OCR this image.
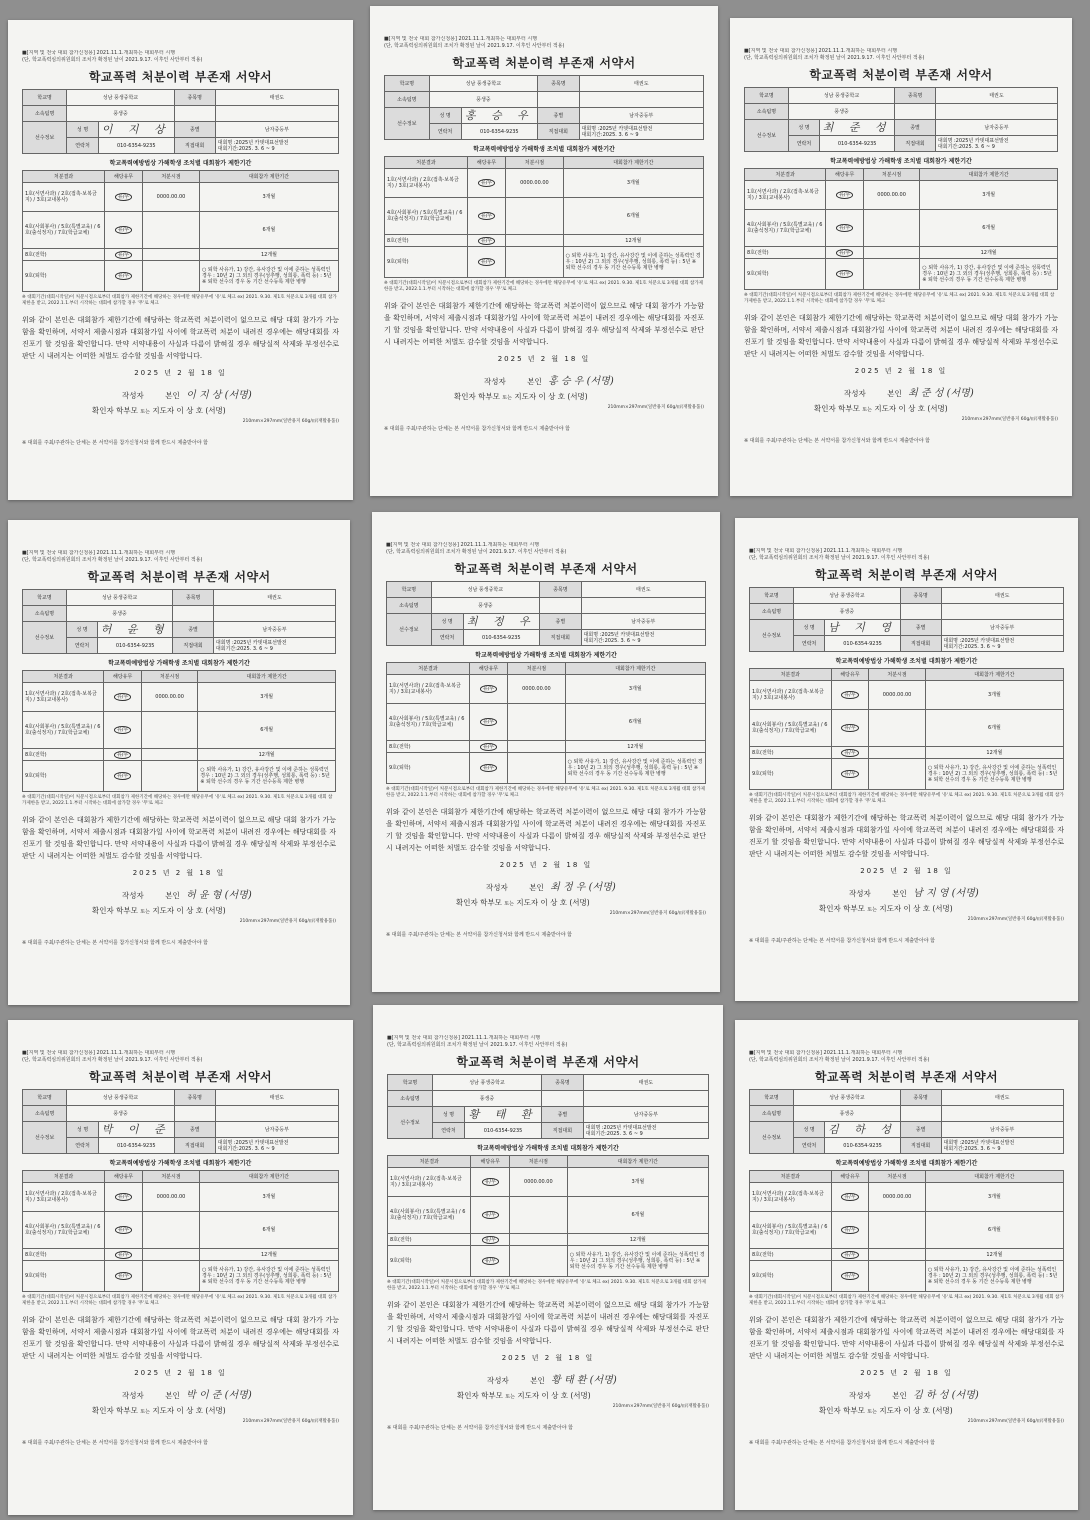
■[지역 및 전국 대회 참가신청용] 2021.11.1.개최하는 대회부터 시행
(단, 학교폭력심의위원회의 조치가 확정된 날이 2021.9.17. 이후인 사안부터 적용)
학교폭력 처분이력 부존재 서약서
학교명	성남 풍생중학교		종목명	태권도
소속팀명	풍생중			
선수정보	성 명	이 지 상	종별	남자중등부
	연락처	010-6354-9235	직접대회	대회명 :2025년 카뎃대표선발전
대회기간:2025. 3. 6 ~ 9
학교폭력예방법상 가해학생 조치별 대회참가 제한기간
처분결과	해당유무	처분시점	대회참가 제한기간
1호(서면사과) / 2호(접촉·보복금지) / 3호(교내봉사)	유/무	0000.00.00	3개월
4호(사회봉사) / 5호(특별교육) / 6호(출석정지) / 7호(학급교체)	유/무		6개월
8호(전학)	유/무		12개월
9호(퇴학)	유/무		○ 퇴학 사유가, 1) 강간, 유사강간 및 이에 준하는 성폭력인 경우 : 10년 2) 그 외의 경우(성추행, 성희롱, 폭력 등) : 5년 ※ 퇴학 선수의 경우 동 기간 선수등록 제한 병행
※ 대회기간(대회시작일)이 처분시점으로부터 대회참가 제한기간에 해당하는 경우에만 해당유무에 '유'로 체크 ex) 2021. 9.30. 제1호 처분으로 3개월 대회 참가제한을 받고, 2022.1.1.부터 시작하는 대회에 참가할 경우 '무'로 체크
위와 같이 본인은 대회참가 제한기간에 해당하는 학교폭력 처분이력이 없으므로 해당 대회 참가가 가능함을 확인하며, 서약서 제출시점과 대회참가일 사이에 학교폭력 처분이 내려진 경우에는 해당대회를 자진포기 할 것임을 확인합니다. 만약 서약내용이 사실과 다름이 밝혀질 경우 해당실적 삭제와 부정선수로 판단 시 내려지는 어떠한 처벌도 감수할 것임을 서약합니다.
2025 년 2 월 18 일
작성자	본인 이 지 상 (서명)
확인자 학부모 또는 지도자 이 상 호 (서명)
210mm×297mm(일반용지 60g/㎡(재활용품))
※ 대회를 주최/주관하는 단체는 본 서약서를 참가신청서와 함께 반드시 제출받아야 함
■[지역 및 전국 대회 참가신청용] 2021.11.1.개최하는 대회부터 시행
(단, 학교폭력심의위원회의 조치가 확정된 날이 2021.9.17. 이후인 사안부터 적용)
학교폭력 처분이력 부존재 서약서
학교명	성남 풍생중학교		종목명	태권도
소속팀명	풍생중			
선수정보	성 명	홍 승 우	종별	남자중등부
	연락처	010-6354-9235	직접대회	대회명 :2025년 카뎃대표선발전
대회기간:2025. 3. 6 ~ 9
학교폭력예방법상 가해학생 조치별 대회참가 제한기간
처분결과	해당유무	처분시점	대회참가 제한기간
1호(서면사과) / 2호(접촉·보복금지) / 3호(교내봉사)	유/무	0000.00.00	3개월
4호(사회봉사) / 5호(특별교육) / 6호(출석정지) / 7호(학급교체)	유/무		6개월
8호(전학)	유/무		12개월
9호(퇴학)	유/무		○ 퇴학 사유가, 1) 강간, 유사강간 및 이에 준하는 성폭력인 경우 : 10년 2) 그 외의 경우(성추행, 성희롱, 폭력 등) : 5년 ※ 퇴학 선수의 경우 동 기간 선수등록 제한 병행
※ 대회기간(대회시작일)이 처분시점으로부터 대회참가 제한기간에 해당하는 경우에만 해당유무에 '유'로 체크 ex) 2021. 9.30. 제1호 처분으로 3개월 대회 참가제한을 받고, 2022.1.1.부터 시작하는 대회에 참가할 경우 '무'로 체크
위와 같이 본인은 대회참가 제한기간에 해당하는 학교폭력 처분이력이 없으므로 해당 대회 참가가 가능함을 확인하며, 서약서 제출시점과 대회참가일 사이에 학교폭력 처분이 내려진 경우에는 해당대회를 자진포기 할 것임을 확인합니다. 만약 서약내용이 사실과 다름이 밝혀질 경우 해당실적 삭제와 부정선수로 판단 시 내려지는 어떠한 처벌도 감수할 것임을 서약합니다.
2025 년 2 월 18 일
작성자	본인 홍 승 우 (서명)
확인자 학부모 또는 지도자 이 상 호 (서명)
210mm×297mm(일반용지 60g/㎡(재활용품))
※ 대회를 주최/주관하는 단체는 본 서약서를 참가신청서와 함께 반드시 제출받아야 함
■[지역 및 전국 대회 참가신청용] 2021.11.1.개최하는 대회부터 시행
(단, 학교폭력심의위원회의 조치가 확정된 날이 2021.9.17. 이후인 사안부터 적용)
학교폭력 처분이력 부존재 서약서
학교명	성남 풍생중학교		종목명	태권도
소속팀명	풍생중			
선수정보	성 명	최 준 성	종별	남자중등부
	연락처	010-6354-9235	직접대회	대회명 :2025년 카뎃대표선발전
대회기간:2025. 3. 6 ~ 9
학교폭력예방법상 가해학생 조치별 대회참가 제한기간
처분결과	해당유무	처분시점	대회참가 제한기간
1호(서면사과) / 2호(접촉·보복금지) / 3호(교내봉사)	유/무	0000.00.00	3개월
4호(사회봉사) / 5호(특별교육) / 6호(출석정지) / 7호(학급교체)	유/무		6개월
8호(전학)	유/무		12개월
9호(퇴학)	유/무		○ 퇴학 사유가, 1) 강간, 유사강간 및 이에 준하는 성폭력인 경우 : 10년 2) 그 외의 경우(성추행, 성희롱, 폭력 등) : 5년 ※ 퇴학 선수의 경우 동 기간 선수등록 제한 병행
※ 대회기간(대회시작일)이 처분시점으로부터 대회참가 제한기간에 해당하는 경우에만 해당유무에 '유'로 체크 ex) 2021. 9.30. 제1호 처분으로 3개월 대회 참가제한을 받고, 2022.1.1.부터 시작하는 대회에 참가할 경우 '무'로 체크
위와 같이 본인은 대회참가 제한기간에 해당하는 학교폭력 처분이력이 없으므로 해당 대회 참가가 가능함을 확인하며, 서약서 제출시점과 대회참가일 사이에 학교폭력 처분이 내려진 경우에는 해당대회를 자진포기 할 것임을 확인합니다. 만약 서약내용이 사실과 다름이 밝혀질 경우 해당실적 삭제와 부정선수로 판단 시 내려지는 어떠한 처벌도 감수할 것임을 서약합니다.
2025 년 2 월 18 일
작성자	본인 최 준 성 (서명)
확인자 학부모 또는 지도자 이 상 호 (서명)
210mm×297mm(일반용지 60g/㎡(재활용품))
※ 대회를 주최/주관하는 단체는 본 서약서를 참가신청서와 함께 반드시 제출받아야 함
■[지역 및 전국 대회 참가신청용] 2021.11.1.개최하는 대회부터 시행
(단, 학교폭력심의위원회의 조치가 확정된 날이 2021.9.17. 이후인 사안부터 적용)
학교폭력 처분이력 부존재 서약서
학교명	성남 풍생중학교		종목명	태권도
소속팀명	풍생중			
선수정보	성 명	허 윤 형	종별	남자중등부
	연락처	010-6354-9235	직접대회	대회명 :2025년 카뎃대표선발전
대회기간:2025. 3. 6 ~ 9
학교폭력예방법상 가해학생 조치별 대회참가 제한기간
처분결과	해당유무	처분시점	대회참가 제한기간
1호(서면사과) / 2호(접촉·보복금지) / 3호(교내봉사)	유/무	0000.00.00	3개월
4호(사회봉사) / 5호(특별교육) / 6호(출석정지) / 7호(학급교체)	유/무		6개월
8호(전학)	유/무		12개월
9호(퇴학)	유/무		○ 퇴학 사유가, 1) 강간, 유사강간 및 이에 준하는 성폭력인 경우 : 10년 2) 그 외의 경우(성추행, 성희롱, 폭력 등) : 5년 ※ 퇴학 선수의 경우 동 기간 선수등록 제한 병행
※ 대회기간(대회시작일)이 처분시점으로부터 대회참가 제한기간에 해당하는 경우에만 해당유무에 '유'로 체크 ex) 2021. 9.30. 제1호 처분으로 3개월 대회 참가제한을 받고, 2022.1.1.부터 시작하는 대회에 참가할 경우 '무'로 체크
위와 같이 본인은 대회참가 제한기간에 해당하는 학교폭력 처분이력이 없으므로 해당 대회 참가가 가능함을 확인하며, 서약서 제출시점과 대회참가일 사이에 학교폭력 처분이 내려진 경우에는 해당대회를 자진포기 할 것임을 확인합니다. 만약 서약내용이 사실과 다름이 밝혀질 경우 해당실적 삭제와 부정선수로 판단 시 내려지는 어떠한 처벌도 감수할 것임을 서약합니다.
2025 년 2 월 18 일
작성자	본인 허 윤 형 (서명)
확인자 학부모 또는 지도자 이 상 호 (서명)
210mm×297mm(일반용지 60g/㎡(재활용품))
※ 대회를 주최/주관하는 단체는 본 서약서를 참가신청서와 함께 반드시 제출받아야 함
■[지역 및 전국 대회 참가신청용] 2021.11.1.개최하는 대회부터 시행
(단, 학교폭력심의위원회의 조치가 확정된 날이 2021.9.17. 이후인 사안부터 적용)
학교폭력 처분이력 부존재 서약서
학교명	성남 풍생중학교		종목명	태권도
소속팀명	풍생중			
선수정보	성 명	최 정 우	종별	남자중등부
	연락처	010-6354-9235	직접대회	대회명 :2025년 카뎃대표선발전
대회기간:2025. 3. 6 ~ 9
학교폭력예방법상 가해학생 조치별 대회참가 제한기간
처분결과	해당유무	처분시점	대회참가 제한기간
1호(서면사과) / 2호(접촉·보복금지) / 3호(교내봉사)	유/무	0000.00.00	3개월
4호(사회봉사) / 5호(특별교육) / 6호(출석정지) / 7호(학급교체)	유/무		6개월
8호(전학)	유/무		12개월
9호(퇴학)	유/무		○ 퇴학 사유가, 1) 강간, 유사강간 및 이에 준하는 성폭력인 경우 : 10년 2) 그 외의 경우(성추행, 성희롱, 폭력 등) : 5년 ※ 퇴학 선수의 경우 동 기간 선수등록 제한 병행
※ 대회기간(대회시작일)이 처분시점으로부터 대회참가 제한기간에 해당하는 경우에만 해당유무에 '유'로 체크 ex) 2021. 9.30. 제1호 처분으로 3개월 대회 참가제한을 받고, 2022.1.1.부터 시작하는 대회에 참가할 경우 '무'로 체크
위와 같이 본인은 대회참가 제한기간에 해당하는 학교폭력 처분이력이 없으므로 해당 대회 참가가 가능함을 확인하며, 서약서 제출시점과 대회참가일 사이에 학교폭력 처분이 내려진 경우에는 해당대회를 자진포기 할 것임을 확인합니다. 만약 서약내용이 사실과 다름이 밝혀질 경우 해당실적 삭제와 부정선수로 판단 시 내려지는 어떠한 처벌도 감수할 것임을 서약합니다.
2025 년 2 월 18 일
작성자	본인 최 정 우 (서명)
확인자 학부모 또는 지도자 이 상 호 (서명)
210mm×297mm(일반용지 60g/㎡(재활용품))
※ 대회를 주최/주관하는 단체는 본 서약서를 참가신청서와 함께 반드시 제출받아야 함
■[지역 및 전국 대회 참가신청용] 2021.11.1.개최하는 대회부터 시행
(단, 학교폭력심의위원회의 조치가 확정된 날이 2021.9.17. 이후인 사안부터 적용)
학교폭력 처분이력 부존재 서약서
학교명	성남 풍생중학교		종목명	태권도
소속팀명	풍생중			
선수정보	성 명	남 지 영	종별	남자중등부
	연락처	010-6354-9235	직접대회	대회명 :2025년 카뎃대표선발전
대회기간:2025. 3. 6 ~ 9
학교폭력예방법상 가해학생 조치별 대회참가 제한기간
처분결과	해당유무	처분시점	대회참가 제한기간
1호(서면사과) / 2호(접촉·보복금지) / 3호(교내봉사)	유/무	0000.00.00	3개월
4호(사회봉사) / 5호(특별교육) / 6호(출석정지) / 7호(학급교체)	유/무		6개월
8호(전학)	유/무		12개월
9호(퇴학)	유/무		○ 퇴학 사유가, 1) 강간, 유사강간 및 이에 준하는 성폭력인 경우 : 10년 2) 그 외의 경우(성추행, 성희롱, 폭력 등) : 5년 ※ 퇴학 선수의 경우 동 기간 선수등록 제한 병행
※ 대회기간(대회시작일)이 처분시점으로부터 대회참가 제한기간에 해당하는 경우에만 해당유무에 '유'로 체크 ex) 2021. 9.30. 제1호 처분으로 3개월 대회 참가제한을 받고, 2022.1.1.부터 시작하는 대회에 참가할 경우 '무'로 체크
위와 같이 본인은 대회참가 제한기간에 해당하는 학교폭력 처분이력이 없으므로 해당 대회 참가가 가능함을 확인하며, 서약서 제출시점과 대회참가일 사이에 학교폭력 처분이 내려진 경우에는 해당대회를 자진포기 할 것임을 확인합니다. 만약 서약내용이 사실과 다름이 밝혀질 경우 해당실적 삭제와 부정선수로 판단 시 내려지는 어떠한 처벌도 감수할 것임을 서약합니다.
2025 년 2 월 18 일
작성자	본인 남 지 영 (서명)
확인자 학부모 또는 지도자 이 상 호 (서명)
210mm×297mm(일반용지 60g/㎡(재활용품))
※ 대회를 주최/주관하는 단체는 본 서약서를 참가신청서와 함께 반드시 제출받아야 함
■[지역 및 전국 대회 참가신청용] 2021.11.1.개최하는 대회부터 시행
(단, 학교폭력심의위원회의 조치가 확정된 날이 2021.9.17. 이후인 사안부터 적용)
학교폭력 처분이력 부존재 서약서
학교명	성남 풍생중학교		종목명	태권도
소속팀명	풍생중			
선수정보	성 명	박 이 준	종별	남자중등부
	연락처	010-6354-9235	직접대회	대회명 :2025년 카뎃대표선발전
대회기간:2025. 3. 6 ~ 9
학교폭력예방법상 가해학생 조치별 대회참가 제한기간
처분결과	해당유무	처분시점	대회참가 제한기간
1호(서면사과) / 2호(접촉·보복금지) / 3호(교내봉사)	유/무	0000.00.00	3개월
4호(사회봉사) / 5호(특별교육) / 6호(출석정지) / 7호(학급교체)	유/무		6개월
8호(전학)	유/무		12개월
9호(퇴학)	유/무		○ 퇴학 사유가, 1) 강간, 유사강간 및 이에 준하는 성폭력인 경우 : 10년 2) 그 외의 경우(성추행, 성희롱, 폭력 등) : 5년 ※ 퇴학 선수의 경우 동 기간 선수등록 제한 병행
※ 대회기간(대회시작일)이 처분시점으로부터 대회참가 제한기간에 해당하는 경우에만 해당유무에 '유'로 체크 ex) 2021. 9.30. 제1호 처분으로 3개월 대회 참가제한을 받고, 2022.1.1.부터 시작하는 대회에 참가할 경우 '무'로 체크
위와 같이 본인은 대회참가 제한기간에 해당하는 학교폭력 처분이력이 없으므로 해당 대회 참가가 가능함을 확인하며, 서약서 제출시점과 대회참가일 사이에 학교폭력 처분이 내려진 경우에는 해당대회를 자진포기 할 것임을 확인합니다. 만약 서약내용이 사실과 다름이 밝혀질 경우 해당실적 삭제와 부정선수로 판단 시 내려지는 어떠한 처벌도 감수할 것임을 서약합니다.
2025 년 2 월 18 일
작성자	본인 박 이 준 (서명)
확인자 학부모 또는 지도자 이 상 호 (서명)
210mm×297mm(일반용지 60g/㎡(재활용품))
※ 대회를 주최/주관하는 단체는 본 서약서를 참가신청서와 함께 반드시 제출받아야 함
■[지역 및 전국 대회 참가신청용] 2021.11.1.개최하는 대회부터 시행
(단, 학교폭력심의위원회의 조치가 확정된 날이 2021.9.17. 이후인 사안부터 적용)
학교폭력 처분이력 부존재 서약서
학교명	성남 풍생중학교		종목명	태권도
소속팀명	풍생중			
선수정보	성 명	황 태 환	종별	남자중등부
	연락처	010-6354-9235	직접대회	대회명 :2025년 카뎃대표선발전
대회기간:2025. 3. 6 ~ 9
학교폭력예방법상 가해학생 조치별 대회참가 제한기간
처분결과	해당유무	처분시점	대회참가 제한기간
1호(서면사과) / 2호(접촉·보복금지) / 3호(교내봉사)	유/무	0000.00.00	3개월
4호(사회봉사) / 5호(특별교육) / 6호(출석정지) / 7호(학급교체)	유/무		6개월
8호(전학)	유/무		12개월
9호(퇴학)	유/무		○ 퇴학 사유가, 1) 강간, 유사강간 및 이에 준하는 성폭력인 경우 : 10년 2) 그 외의 경우(성추행, 성희롱, 폭력 등) : 5년 ※ 퇴학 선수의 경우 동 기간 선수등록 제한 병행
※ 대회기간(대회시작일)이 처분시점으로부터 대회참가 제한기간에 해당하는 경우에만 해당유무에 '유'로 체크 ex) 2021. 9.30. 제1호 처분으로 3개월 대회 참가제한을 받고, 2022.1.1.부터 시작하는 대회에 참가할 경우 '무'로 체크
위와 같이 본인은 대회참가 제한기간에 해당하는 학교폭력 처분이력이 없으므로 해당 대회 참가가 가능함을 확인하며, 서약서 제출시점과 대회참가일 사이에 학교폭력 처분이 내려진 경우에는 해당대회를 자진포기 할 것임을 확인합니다. 만약 서약내용이 사실과 다름이 밝혀질 경우 해당실적 삭제와 부정선수로 판단 시 내려지는 어떠한 처벌도 감수할 것임을 서약합니다.
2025 년 2 월 18 일
작성자	본인 황 태 환 (서명)
확인자 학부모 또는 지도자 이 상 호 (서명)
210mm×297mm(일반용지 60g/㎡(재활용품))
※ 대회를 주최/주관하는 단체는 본 서약서를 참가신청서와 함께 반드시 제출받아야 함
■[지역 및 전국 대회 참가신청용] 2021.11.1.개최하는 대회부터 시행
(단, 학교폭력심의위원회의 조치가 확정된 날이 2021.9.17. 이후인 사안부터 적용)
학교폭력 처분이력 부존재 서약서
학교명	성남 풍생중학교		종목명	태권도
소속팀명	풍생중			
선수정보	성 명	김 하 성	종별	남자중등부
	연락처	010-6354-9235	직접대회	대회명 :2025년 카뎃대표선발전
대회기간:2025. 3. 6 ~ 9
학교폭력예방법상 가해학생 조치별 대회참가 제한기간
처분결과	해당유무	처분시점	대회참가 제한기간
1호(서면사과) / 2호(접촉·보복금지) / 3호(교내봉사)	유/무	0000.00.00	3개월
4호(사회봉사) / 5호(특별교육) / 6호(출석정지) / 7호(학급교체)	유/무		6개월
8호(전학)	유/무		12개월
9호(퇴학)	유/무		○ 퇴학 사유가, 1) 강간, 유사강간 및 이에 준하는 성폭력인 경우 : 10년 2) 그 외의 경우(성추행, 성희롱, 폭력 등) : 5년 ※ 퇴학 선수의 경우 동 기간 선수등록 제한 병행
※ 대회기간(대회시작일)이 처분시점으로부터 대회참가 제한기간에 해당하는 경우에만 해당유무에 '유'로 체크 ex) 2021. 9.30. 제1호 처분으로 3개월 대회 참가제한을 받고, 2022.1.1.부터 시작하는 대회에 참가할 경우 '무'로 체크
위와 같이 본인은 대회참가 제한기간에 해당하는 학교폭력 처분이력이 없으므로 해당 대회 참가가 가능함을 확인하며, 서약서 제출시점과 대회참가일 사이에 학교폭력 처분이 내려진 경우에는 해당대회를 자진포기 할 것임을 확인합니다. 만약 서약내용이 사실과 다름이 밝혀질 경우 해당실적 삭제와 부정선수로 판단 시 내려지는 어떠한 처벌도 감수할 것임을 서약합니다.
2025 년 2 월 18 일
작성자	본인 김 하 성 (서명)
확인자 학부모 또는 지도자 이 상 호 (서명)
210mm×297mm(일반용지 60g/㎡(재활용품))
※ 대회를 주최/주관하는 단체는 본 서약서를 참가신청서와 함께 반드시 제출받아야 함
